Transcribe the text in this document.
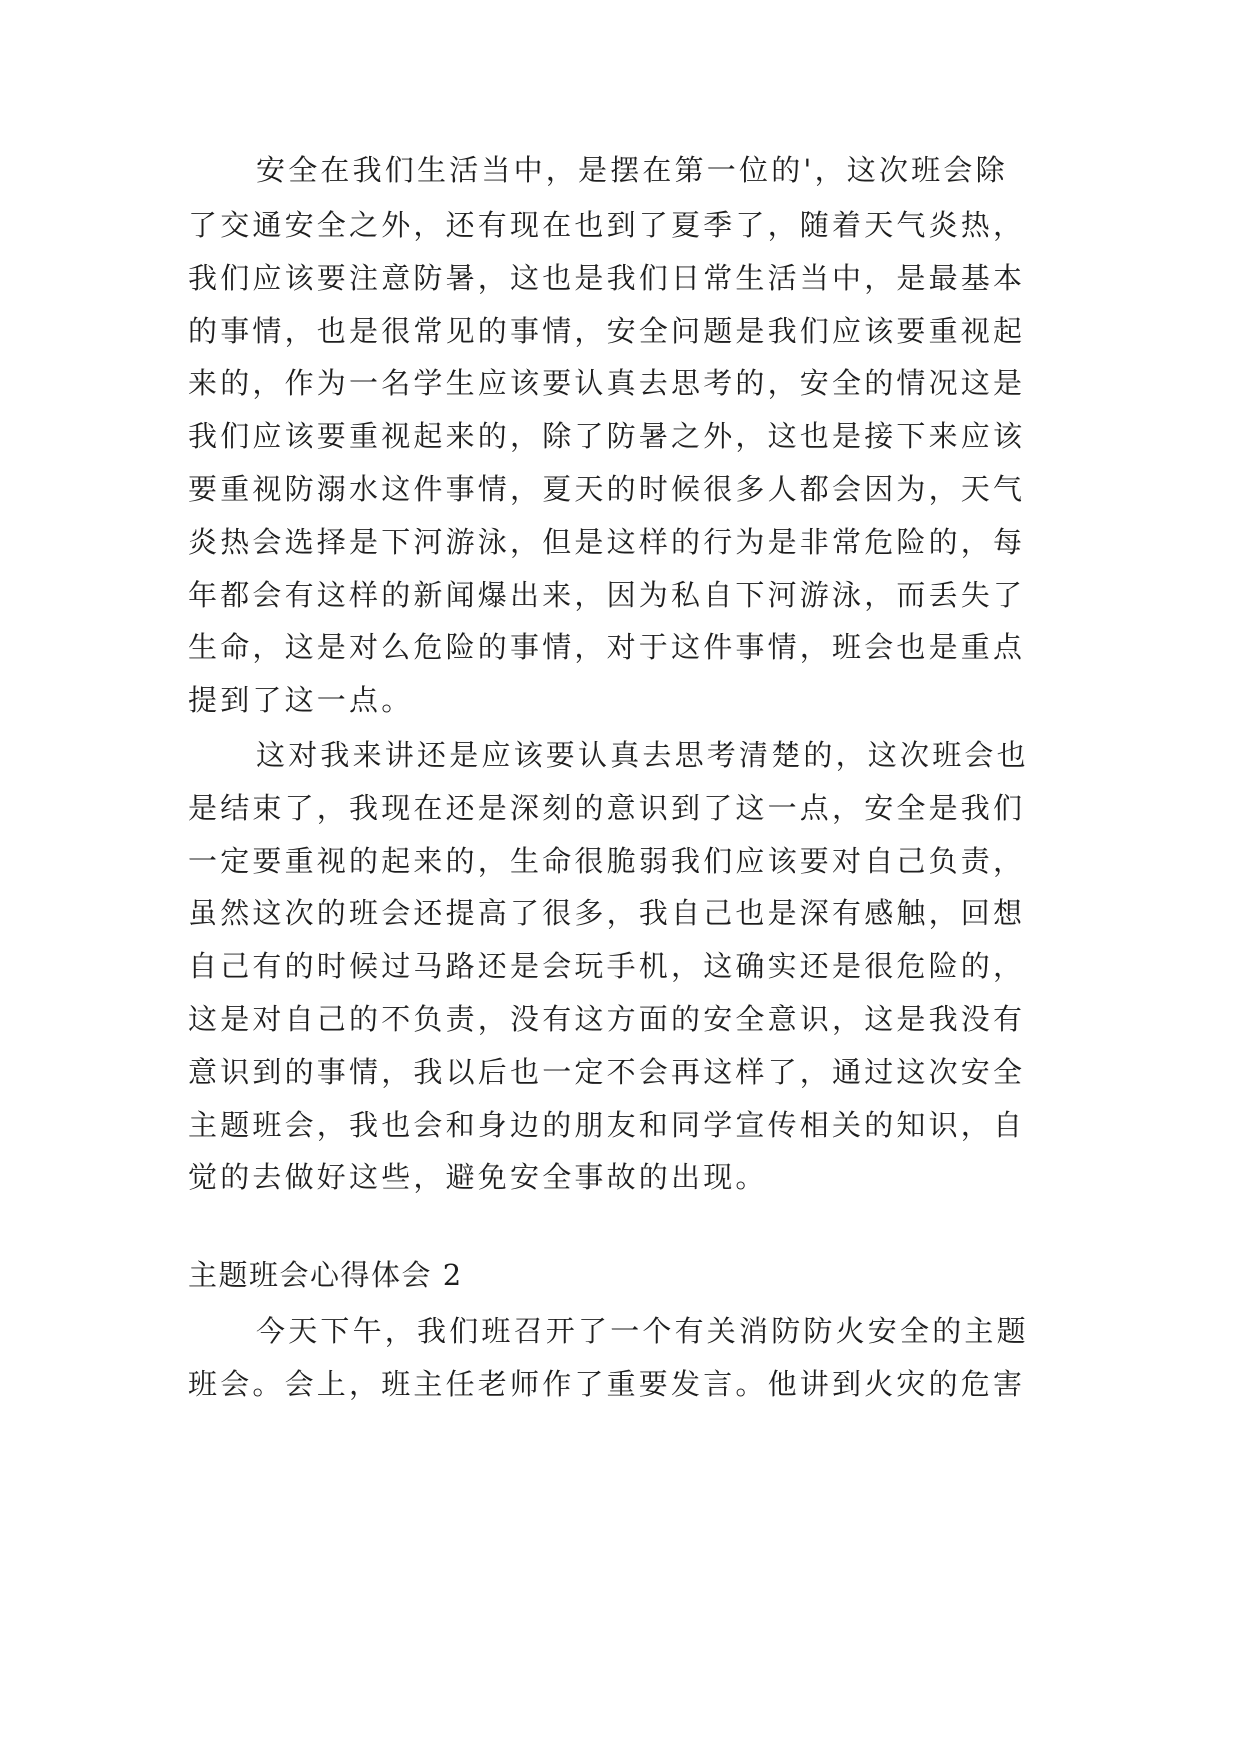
安全在我们生活当中，是摆在第一位的'，这次班会除

了交通安全之外，还有现在也到了夏季了，随着天气炎热，

我们应该要注意防暑，这也是我们日常生活当中，是最基本

的事情，也是很常见的事情，安全问题是我们应该要重视起

来的，作为一名学生应该要认真去思考的，安全的情况这是

我们应该要重视起来的，除了防暑之外，这也是接下来应该

要重视防溺水这件事情，夏天的时候很多人都会因为，天气

炎热会选择是下河游泳，但是这样的行为是非常危险的，每

年都会有这样的新闻爆出来，因为私自下河游泳，而丢失了

生命，这是对么危险的事情，对于这件事情，班会也是重点

提到了这一点。

这对我来讲还是应该要认真去思考清楚的，这次班会也

是结束了，我现在还是深刻的意识到了这一点，安全是我们

一定要重视的起来的，生命很脆弱我们应该要对自己负责，

虽然这次的班会还提高了很多，我自己也是深有感触，回想

自己有的时候过马路还是会玩手机，这确实还是很危险的，

这是对自己的不负责，没有这方面的安全意识，这是我没有

意识到的事情，我以后也一定不会再这样了，通过这次安全

主题班会，我也会和身边的朋友和同学宣传相关的知识，自

觉的去做好这些，避免安全事故的出现。

主题班会心得体会 2

今天下午，我们班召开了一个有关消防防火安全的主题

班会。会上，班主任老师作了重要发言。他讲到火灾的危害
